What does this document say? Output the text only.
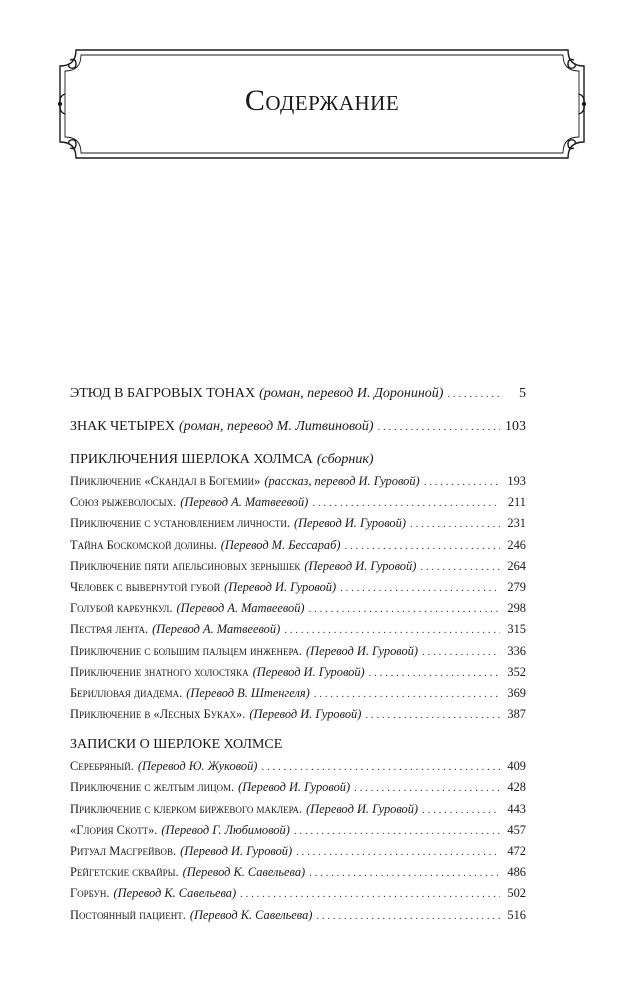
Содержание
ЭТЮД В БАГРОВЫХ ТОНАХ (роман, перевод И. Дорониной) . . .	5
ЗНАК ЧЕТЫРЕХ (роман, перевод М. Литвиновой) . . .	103
ПРИКЛЮЧЕНИЯ ШЕРЛОКА ХОЛМСА (сборник)
Приключение «Скандал в Богемии» (рассказ, перевод И. Гуровой) . . .	193
Союз рыжеволосых. (Перевод А. Матвеевой) . . .	211
Приключение с установлением личности. (Перевод И. Гуровой) . . .	231
Тайна Боскомской долины. (Перевод М. Бессараб) . . .	246
Приключение пяти апельсиновых зернышек (Перевод И. Гуровой) . . .	264
Человек с вывернутой губой (Перевод И. Гуровой) . . .	279
Голубой карбункул. (Перевод А. Матвеевой) . . .	298
Пестрая лента. (Перевод А. Матвеевой) . . .	315
Приключение с большим пальцем инженера. (Перевод И. Гуровой) . . .	336
Приключение знатного холостяка (Перевод И. Гуровой) . . .	352
Берилловая диадема. (Перевод В. Штенгеля) . . .	369
Приключение в «Лесных Буках». (Перевод И. Гуровой) . . .	387
ЗАПИСКИ О ШЕРЛОКЕ ХОЛМСЕ
Серебряный. (Перевод Ю. Жуковой) . . .	409
Приключение с желтым лицом. (Перевод И. Гуровой) . . .	428
Приключение с клерком биржевого маклера. (Перевод И. Гуровой) . . .	443
«Глория Скотт». (Перевод Г. Любимовой) . . .	457
Ритуал Масгрейвов. (Перевод И. Гуровой) . . .	472
Рейгетские сквайры. (Перевод К. Савельева) . . .	486
Горбун. (Перевод К. Савельева) . . .	502
Постоянный пациент. (Перевод К. Савельева) . . .	516
